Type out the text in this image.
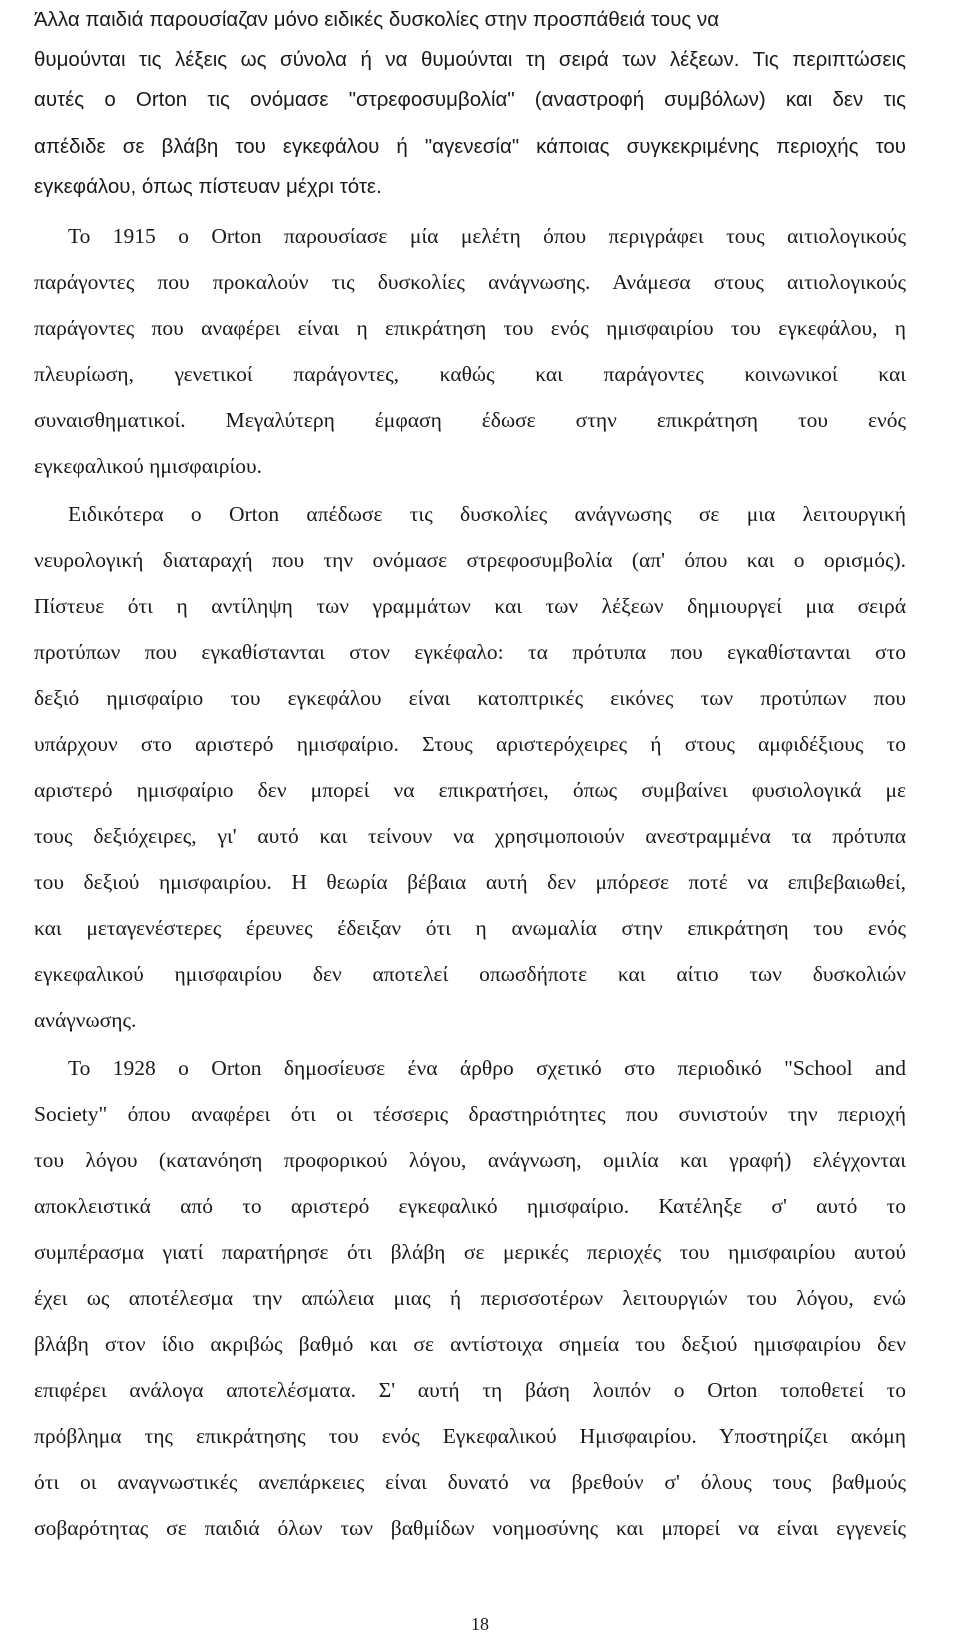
Άλλα παιδιά παρουσίαζαν μόνο ειδικές δυσκολίες στην προσπάθειά τους να
θυμούνται τις λέξεις ως σύνολα ή να θυμούνται τη σειρά των λέξεων. Τις περιπτώσεις
αυτές ο Orton τις ονόμασε "στρεφοσυμβολία" (αναστροφή συμβόλων) και δεν τις
απέδιδε σε βλάβη του εγκεφάλου ή "αγενεσία" κάποιας συγκεκριμένης περιοχής του
εγκεφάλου, όπως πίστευαν μέχρι τότε.
Το 1915 ο Orton παρουσίασε μία μελέτη όπου περιγράφει τους αιτιολογικούς
παράγοντες που προκαλούν τις δυσκολίες ανάγνωσης. Ανάμεσα στους αιτιολογικούς
παράγοντες που αναφέρει είναι η επικράτηση του ενός ημισφαιρίου του εγκεφάλου, η
πλευρίωση, γενετικοί παράγοντες, καθώς και παράγοντες κοινωνικοί και
συναισθηματικοί. Μεγαλύτερη έμφαση έδωσε στην επικράτηση του ενός
εγκεφαλικού ημισφαιρίου.
Ειδικότερα ο Orton απέδωσε τις δυσκολίες ανάγνωσης σε μια λειτουργική
νευρολογική διαταραχή που την ονόμασε στρεφοσυμβολία (απ' όπου και ο ορισμός).
Πίστευε ότι η αντίληψη των γραμμάτων και των λέξεων δημιουργεί μια σειρά
προτύπων που εγκαθίστανται στον εγκέφαλο: τα πρότυπα που εγκαθίστανται στο
δεξιό ημισφαίριο του εγκεφάλου είναι κατοπτρικές εικόνες των προτύπων που
υπάρχουν στο αριστερό ημισφαίριο. Στους αριστερόχειρες ή στους αμφιδέξιους το
αριστερό ημισφαίριο δεν μπορεί να επικρατήσει, όπως συμβαίνει φυσιολογικά με
τους δεξιόχειρες, γι' αυτό και τείνουν να χρησιμοποιούν ανεστραμμένα τα πρότυπα
του δεξιού ημισφαιρίου. Η θεωρία βέβαια αυτή δεν μπόρεσε ποτέ να επιβεβαιωθεί,
και μεταγενέστερες έρευνες έδειξαν ότι η ανωμαλία στην επικράτηση του ενός
εγκεφαλικού ημισφαιρίου δεν αποτελεί οπωσδήποτε και αίτιο των δυσκολιών
ανάγνωσης.
Το 1928 ο Orton δημοσίευσε ένα άρθρο σχετικό στο περιοδικό "School and
Society" όπου αναφέρει ότι οι τέσσερις δραστηριότητες που συνιστούν την περιοχή
του λόγου (κατανόηση προφορικού λόγου, ανάγνωση, ομιλία και γραφή) ελέγχονται
αποκλειστικά από το αριστερό εγκεφαλικό ημισφαίριο. Κατέληξε σ' αυτό το
συμπέρασμα γιατί παρατήρησε ότι βλάβη σε μερικές περιοχές του ημισφαιρίου αυτού
έχει ως αποτέλεσμα την απώλεια μιας ή περισσοτέρων λειτουργιών του λόγου, ενώ
βλάβη στον ίδιο ακριβώς βαθμό και σε αντίστοιχα σημεία του δεξιού ημισφαιρίου δεν
επιφέρει ανάλογα αποτελέσματα. Σ' αυτή τη βάση λοιπόν ο Orton τοποθετεί το
πρόβλημα της επικράτησης του ενός Εγκεφαλικού Ημισφαιρίου. Υποστηρίζει ακόμη
ότι οι αναγνωστικές ανεπάρκειες είναι δυνατό να βρεθούν σ' όλους τους βαθμούς
σοβαρότητας σε παιδιά όλων των βαθμίδων νοημοσύνης και μπορεί να είναι εγγενείς
18
